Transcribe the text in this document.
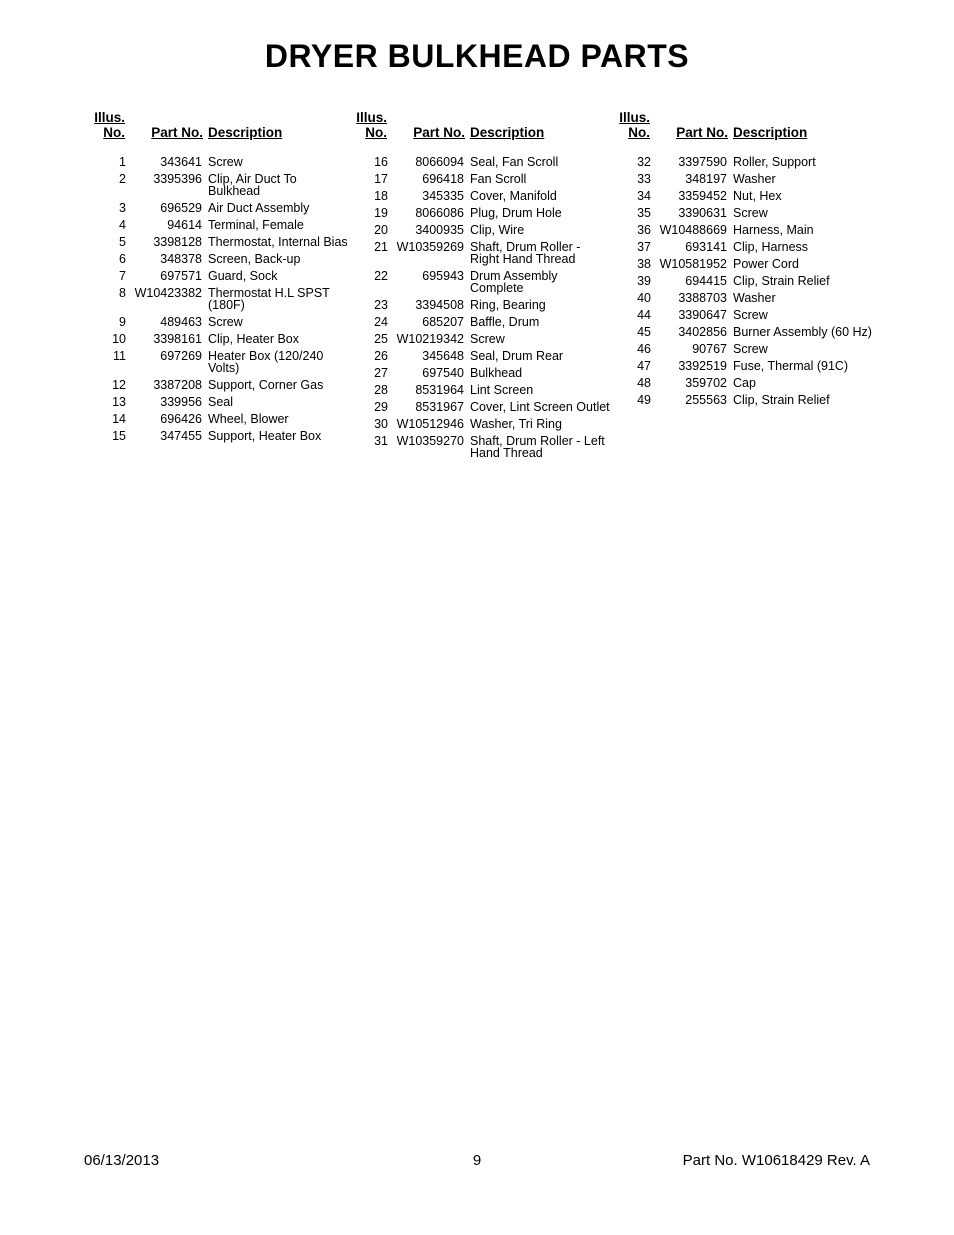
DRYER BULKHEAD PARTS
Illus.
No.	Part No. Description
1	343641 Screw
2	3395396 Clip, Air Duct To Bulkhead
3	696529 Air Duct Assembly
4	94614 Terminal, Female
5	3398128 Thermostat, Internal Bias
6	348378 Screen, Back-up
7	697571 Guard, Sock
8 W10423382 Thermostat H.L SPST (180F)
9	489463 Screw
10	3398161 Clip, Heater Box
11	697269 Heater Box (120/240 Volts)
12	3387208 Support, Corner Gas
13	339956 Seal
14	696426 Wheel, Blower
15	347455 Support, Heater Box
Illus.
No.	Part No. Description
16	8066094 Seal, Fan Scroll
17	696418 Fan Scroll
18	345335 Cover, Manifold
19	8066086 Plug, Drum Hole
20	3400935 Clip, Wire
21 W10359269 Shaft, Drum Roller - Right Hand Thread
22	695943 Drum Assembly Complete
23	3394508 Ring, Bearing
24	685207 Baffle, Drum
25 W10219342 Screw
26	345648 Seal, Drum Rear
27	697540 Bulkhead
28	8531964 Lint Screen
29	8531967 Cover, Lint Screen Outlet
30 W10512946 Washer, Tri Ring
31 W10359270 Shaft, Drum Roller - Left Hand Thread
Illus.
No.	Part No. Description
32	3397590 Roller, Support
33	348197 Washer
34	3359452 Nut, Hex
35	3390631 Screw
36 W10488669 Harness, Main
37	693141 Clip, Harness
38 W10581952 Power Cord
39	694415 Clip, Strain Relief
40	3388703 Washer
44	3390647 Screw
45	3402856 Burner Assembly (60 Hz)
46	90767 Screw
47	3392519 Fuse, Thermal (91C)
48	359702 Cap
49	255563 Clip, Strain Relief
06/13/2013	9	Part No. W10618429 Rev. A
